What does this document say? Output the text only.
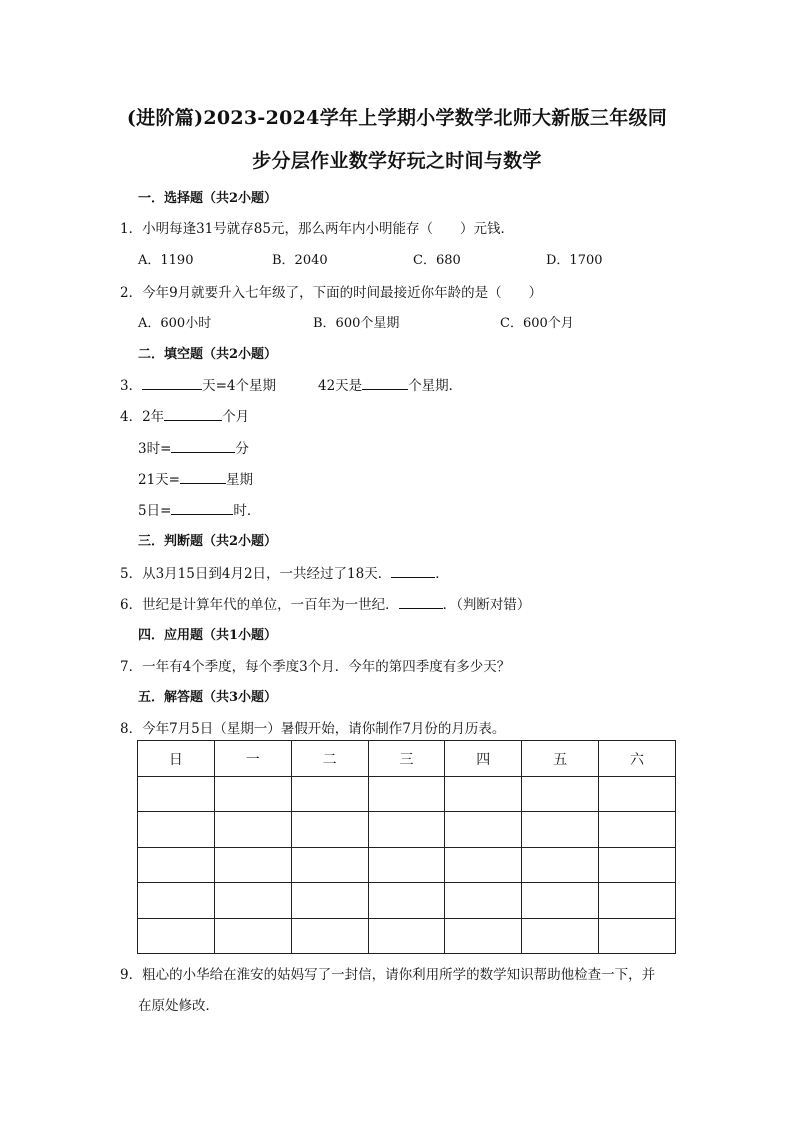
(进阶篇)2023-2024学年上学期小学数学北师大新版三年级同
步分层作业数学好玩之时间与数学
一．选择题（共2小题）
1．小明每逢31号就存85元，那么两年内小明能存（　　）元钱．
A．1190	B．2040	C．680	D．1700
2．今年9月就要升入七年级了，下面的时间最接近你年龄的是（　　）
A．600小时	B．600个星期	C．600个月
二．填空题（共2小题）
3．	天=4个星期	42天是	个星期．
4．2年	个月
3时=	分
21天=	星期
5日=	时．
三．判断题（共2小题）
5．从3月15日到4月2日，一共经过了18天．	．
6．世纪是计算年代的单位，一百年为一世纪．	．（判断对错）
四．应用题（共1小题）
7．一年有4个季度，每个季度3个月．今年的第四季度有多少天？
五．解答题（共3小题）
8．今年7月5日（星期一）暑假开始，请你制作7月份的月历表。
日	一	二	三	四	五	六

9．粗心的小华给在淮安的姑妈写了一封信，请你利用所学的数学知识帮助他检查一下，并
在原处修改．
